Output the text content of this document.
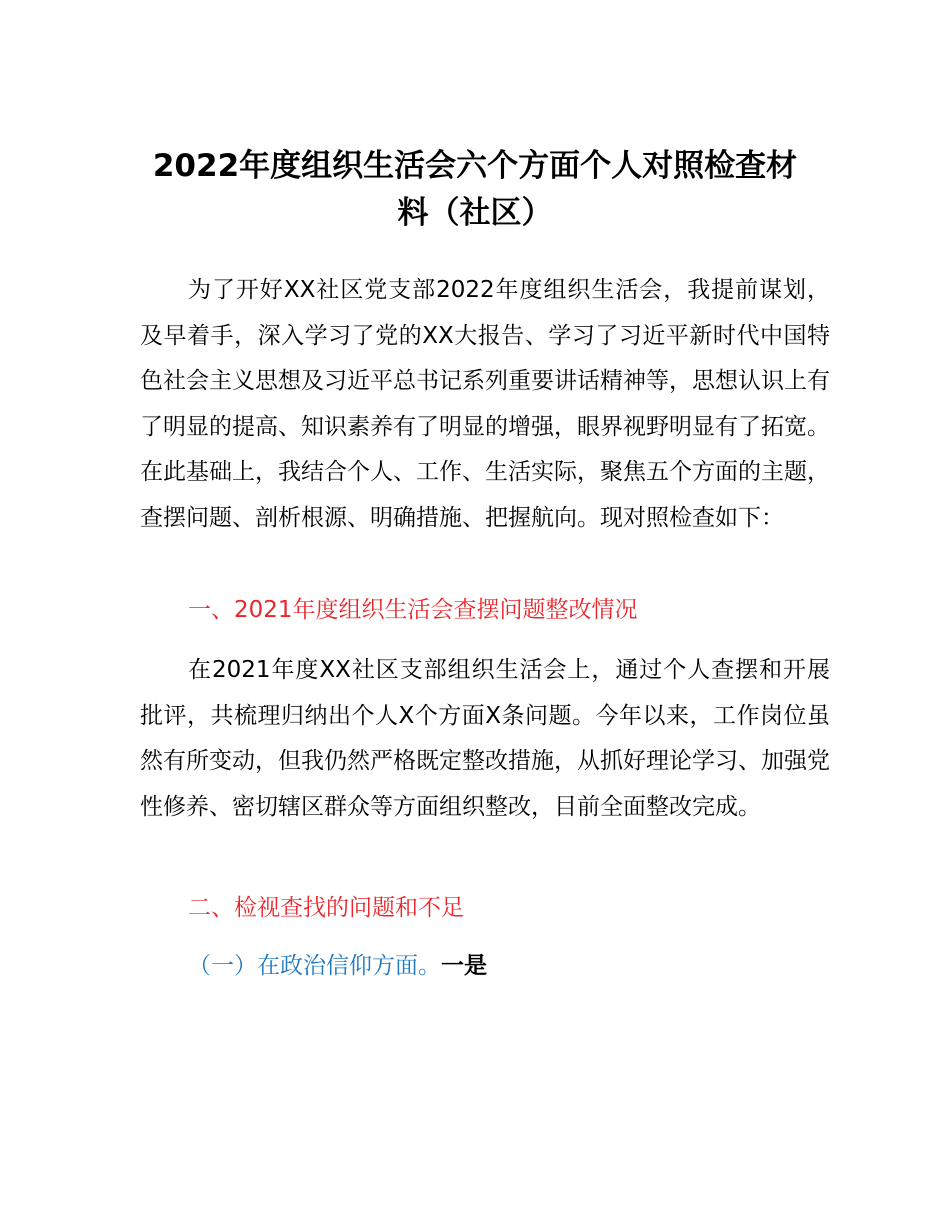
2022年度组织生活会六个方面个人对照检查材料（社区）

为了开好XX社区党支部2022年度组织生活会，我提前谋划，及早着手，深入学习了党的XX大报告、学习了习近平新时代中国特色社会主义思想及习近平总书记系列重要讲话精神等，思想认识上有了明显的提高、知识素养有了明显的增强，眼界视野明显有了拓宽。在此基础上，我结合个人、工作、生活实际，聚焦五个方面的主题，查摆问题、剖析根源、明确措施、把握航向。现对照检查如下：

一、2021年度组织生活会查摆问题整改情况

在2021年度XX社区支部组织生活会上，通过个人查摆和开展批评，共梳理归纳出个人X个方面X条问题。今年以来，工作岗位虽然有所变动，但我仍然严格既定整改措施，从抓好理论学习、加强党性修养、密切辖区群众等方面组织整改，目前全面整改完成。

二、检视查找的问题和不足

（一）在政治信仰方面。一是
